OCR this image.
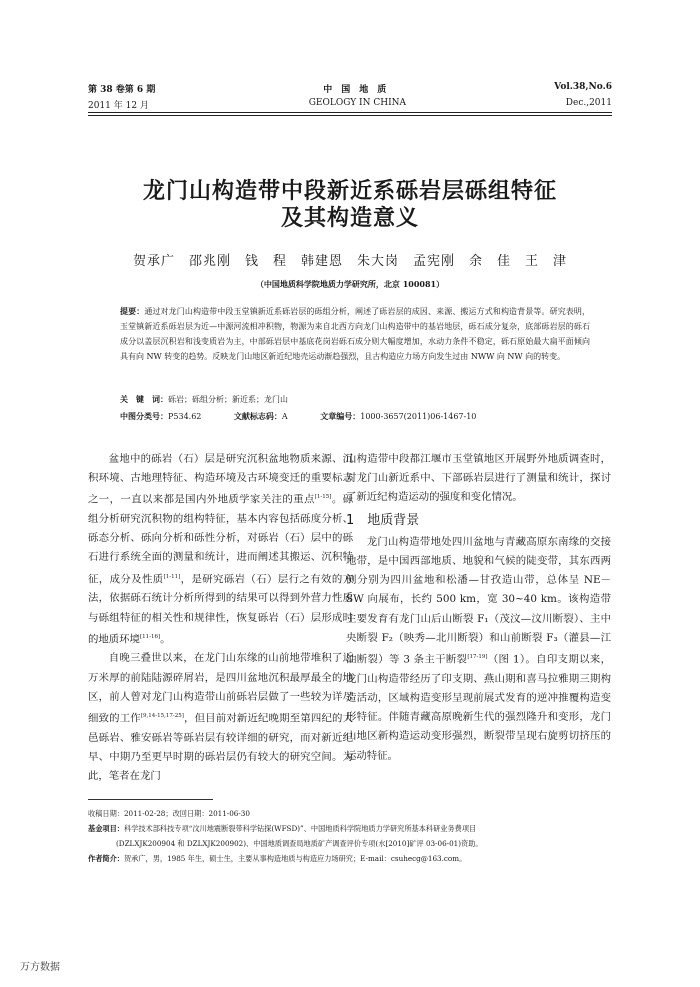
第 38 卷第 6 期	中　国　地　质	Vol.38,No.6
2011 年 12 月	GEOLOGY IN CHINA	Dec.,2011
龙门山构造带中段新近系砾岩层砾组特征
及其构造意义
贺承广　邵兆刚　钱　程　韩建恩　朱大岗　孟宪刚　余　佳　王　津
（中国地质科学院地质力学研究所，北京 100081）
提要：通过对龙门山构造带中段玉堂镇新近系砾岩层的砾组分析，阐述了砾岩层的成因、来源、搬运方式和构造背景等。研究表明，玉堂镇新近系砾岩层为近—中源河流相冲积物，物源为来自北西方向龙门山构造带中的基岩地层，砾石成分复杂，底部砾岩层的砾石成分以盖层沉积岩和浅变质岩为主，中部砾岩层中基底花岗岩砾石成分则大幅度增加，水动力条件不稳定，砾石原始最大扁平面倾向具有向 NW 转变的趋势。反映龙门山地区新近纪地壳运动渐趋强烈，且古构造应力场方向发生过由 NWW 向 NW 向的转变。
关　键　词：砾岩；砾组分析；新近系；龙门山
中图分类号：P534.62	文献标志码：A	文章编号：1000-3657(2011)06-1467-10

盆地中的砾岩（石）层是研究沉积盆地物质来源、沉积环境、古地理特征、构造环境及古环境变迁的重要标志之一，一直以来都是国内外地质学家关注的重点[1-15]。砾组分析研究沉积物的组构特征，基本内容包括砾度分析、砾态分析、砾向分析和砾性分析，对砾岩（石）层中的砾石进行系统全面的测量和统计，进而阐述其搬运、沉积特征，成分及性质[1-11]，是研究砾岩（石）层行之有效的方法，依据砾石统计分析所得到的结果可以得到外营力性质与砾组特征的相关性和规律性，恢复砾岩（石）层形成时的地质环境[11-16]。

自晚三叠世以来，在龙门山东缘的山前地带堆积了近万米厚的前陆陆源碎屑岩，是四川盆地沉积最厚最全的地区，前人曾对龙门山构造带山前砾岩层做了一些较为详尽细致的工作[9,14-15,17-25]，但目前对新近纪晚期至第四纪的大邑砾岩、雅安砾岩等砾岩层有较详细的研究，而对新近纪早、中期乃至更早时期的砾岩层仍有较大的研究空间。为此，笔者在龙门

山构造带中段都江堰市玉堂镇地区开展野外地质调查时，对龙门山新近系中、下部砾岩层进行了测量和统计，探讨了新近纪构造运动的强度和变化情况。

1　地质背景

龙门山构造带地处四川盆地与青藏高原东南缘的交接地带，是中国西部地质、地貌和气候的陡变带，其东西两侧分别为四川盆地和松潘—甘孜造山带，总体呈 NE－SW 向展布，长约 500 km，宽 30~40 km。该构造带主要发育有龙门山后山断裂 F₁（茂汶—汶川断裂）、主中央断裂 F₂（映秀—北川断裂）和山前断裂 F₃（灌县—江油断裂）等 3 条主干断裂[17-19]（图 1）。自印支期以来，龙门山构造带经历了印支期、燕山期和喜马拉雅期三期构造活动，区域构造变形呈现前展式发育的逆冲推覆构造变形特征。伴随青藏高原晚新生代的强烈隆升和变形，龙门山地区新构造运动变形强烈，断裂带呈现右旋剪切挤压的运动特征。

收稿日期：2011-02-28；改回日期：2011-06-30
基金项目：科学技术部科技专项“汶川地震断裂带科学钻探(WFSD)”、中国地质科学院地质力学研究所基本科研业务费项目
(DZLXJK200904 和 DZLXJK200902)、中国地质调查局地质矿产调查评价专项(水[2010]矿评 03-06-01)资助。
作者简介：贺承广，男，1985 年生，硕士生，主要从事构造地质与构造应力场研究；E-mail：csuhecg@163.com。
万方数据
